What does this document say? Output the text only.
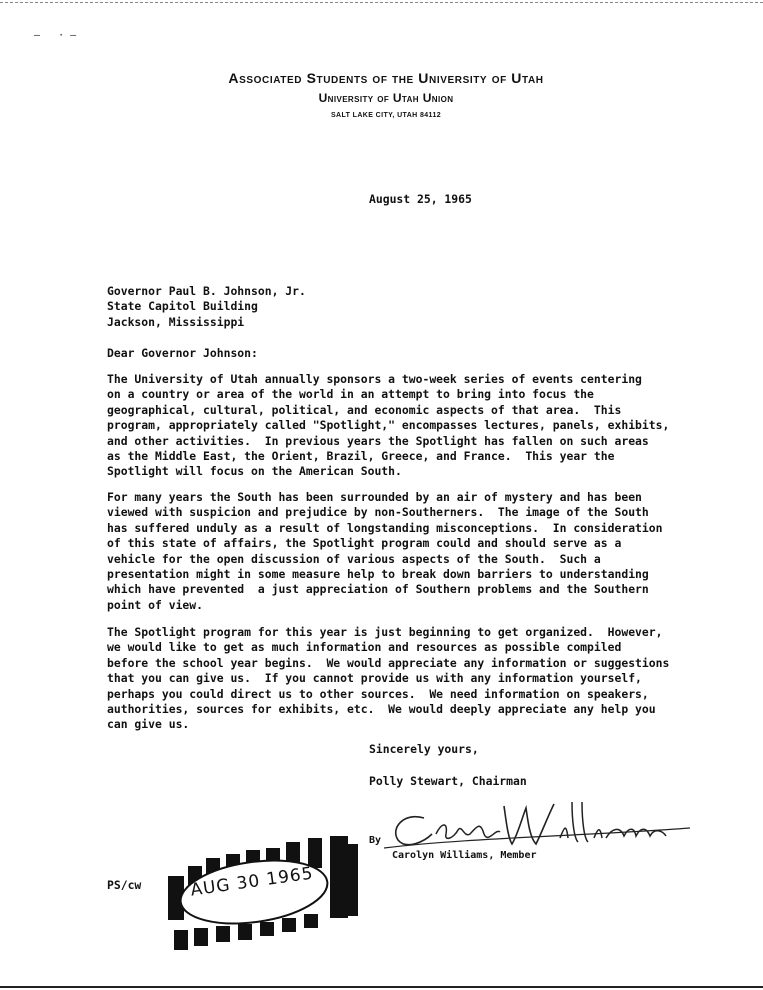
–   · –
Associated Students of the University of Utah
University of Utah Union
SALT LAKE CITY, UTAH 84112
August 25, 1965
Governor Paul B. Johnson, Jr.
State Capitol Building
Jackson, Mississippi
Dear Governor Johnson:
The University of Utah annually sponsors a two-week series of events centering
on a country or area of the world in an attempt to bring into focus the
geographical, cultural, political, and economic aspects of that area.  This
program, appropriately called "Spotlight," encompasses lectures, panels, exhibits,
and other activities.  In previous years the Spotlight has fallen on such areas
as the Middle East, the Orient, Brazil, Greece, and France.  This year the
Spotlight will focus on the American South.
For many years the South has been surrounded by an air of mystery and has been
viewed with suspicion and prejudice by non-Southerners.  The image of the South
has suffered unduly as a result of longstanding misconceptions.  In consideration
of this state of affairs, the Spotlight program could and should serve as a
vehicle for the open discussion of various aspects of the South.  Such a
presentation might in some measure help to break down barriers to understanding
which have prevented  a just appreciation of Southern problems and the Southern
point of view.
The Spotlight program for this year is just beginning to get organized.  However,
we would like to get as much information and resources as possible compiled
before the school year begins.  We would appreciate any information or suggestions
that you can give us.  If you cannot provide us with any information yourself,
perhaps you could direct us to other sources.  We need information on speakers,
authorities, sources for exhibits, etc.  We would deeply appreciate any help you
can give us.
Sincerely yours,
Polly Stewart, Chairman
By
Carolyn Williams, Member
PS/cw	AUG 30 1965
